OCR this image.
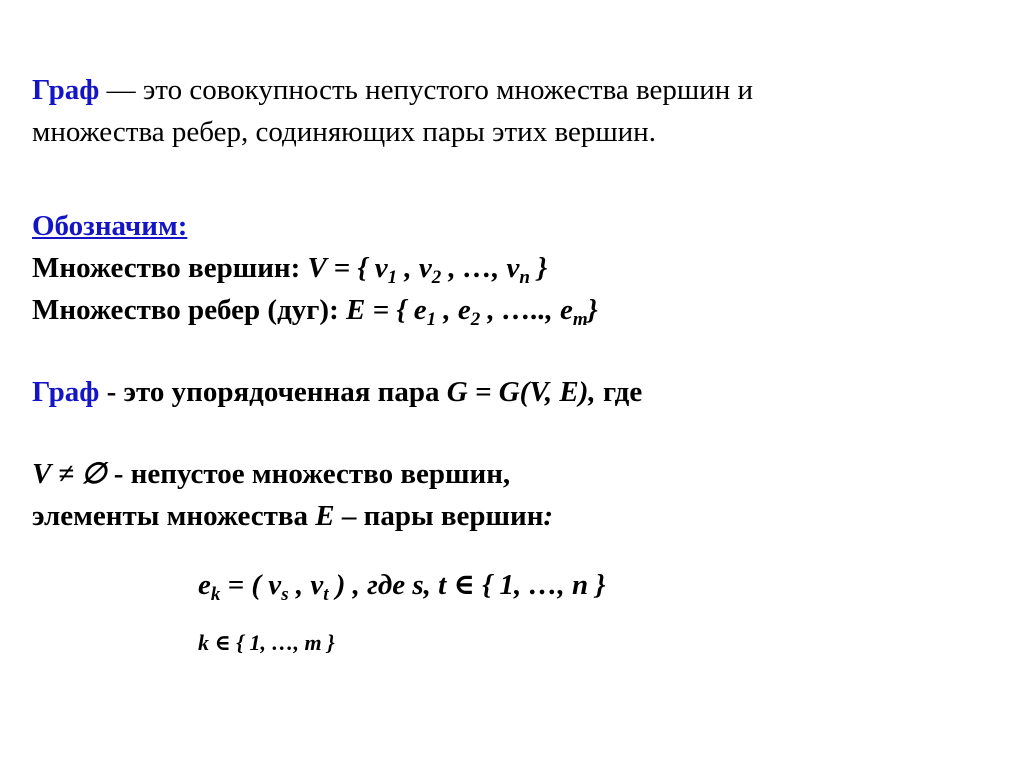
Граф — это совокупность непустого множества вершин и
множества ребер, содиняющих пары этих вершин.
Обозначим:
Множество вершин: V = { $v_1$ , $v_2$ , …, $v_n$ }
Множество ребер (дуг): E = { $e_1$ , $e_2$ , ….., $e_m$}
Граф - это упорядоченная пара G = G(V, E), где
V ≠ ∅ - непустое множество вершин,
элементы множества E – пары вершин:
$e_k$ = ( $v_s$ , $v_t$ ) , где s, t ∈ { 1, …, n }
k ∈ { 1, …, m }
